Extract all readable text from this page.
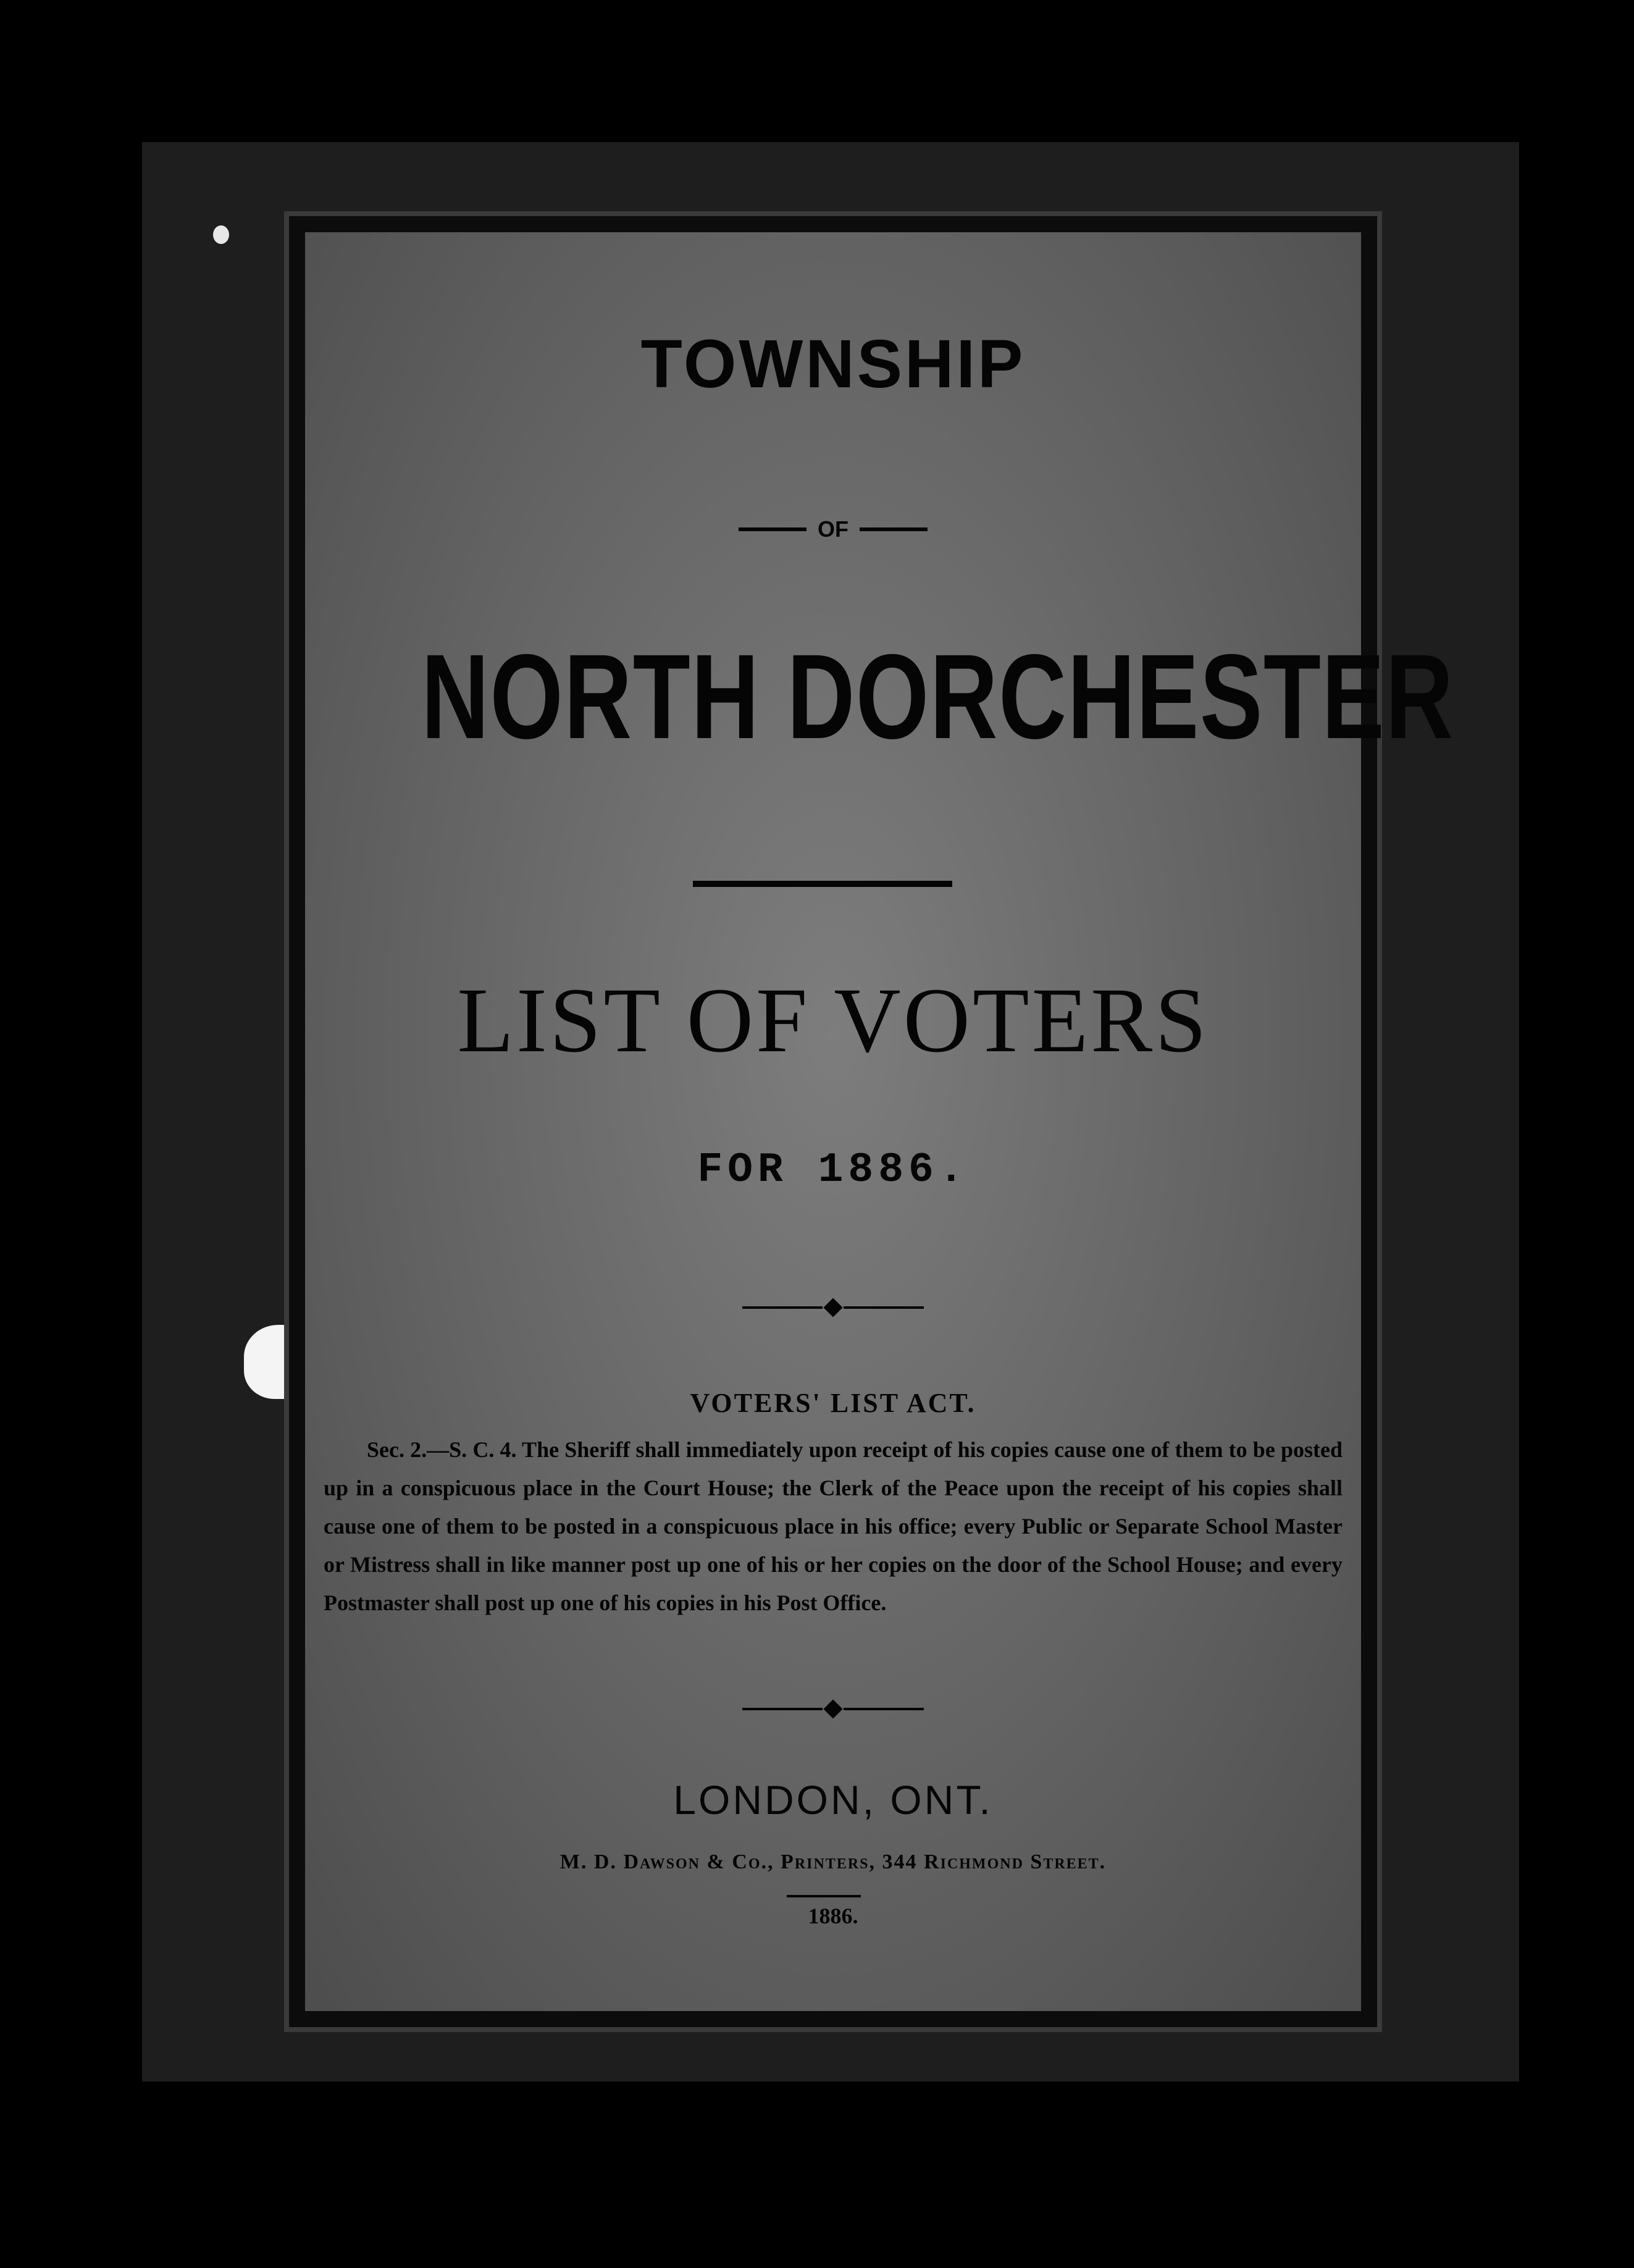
TOWNSHIP
OF
NORTH DORCHESTER
LIST OF VOTERS
FOR 1886.
VOTERS' LIST ACT.
Sec. 2.—S. C. 4. The Sheriff shall immediately upon receipt of his copies cause one of them to be posted up in a conspicuous place in the Court House; the Clerk of the Peace upon the receipt of his copies shall cause one of them to be posted in a conspicuous place in his office; every Public or Separate School Master or Mistress shall in like manner post up one of his or her copies on the door of the School House; and every Postmaster shall post up one of his copies in his Post Office.
LONDON, ONT.
M. D. Dawson & Co., Printers, 344 Richmond Street.
1886.
